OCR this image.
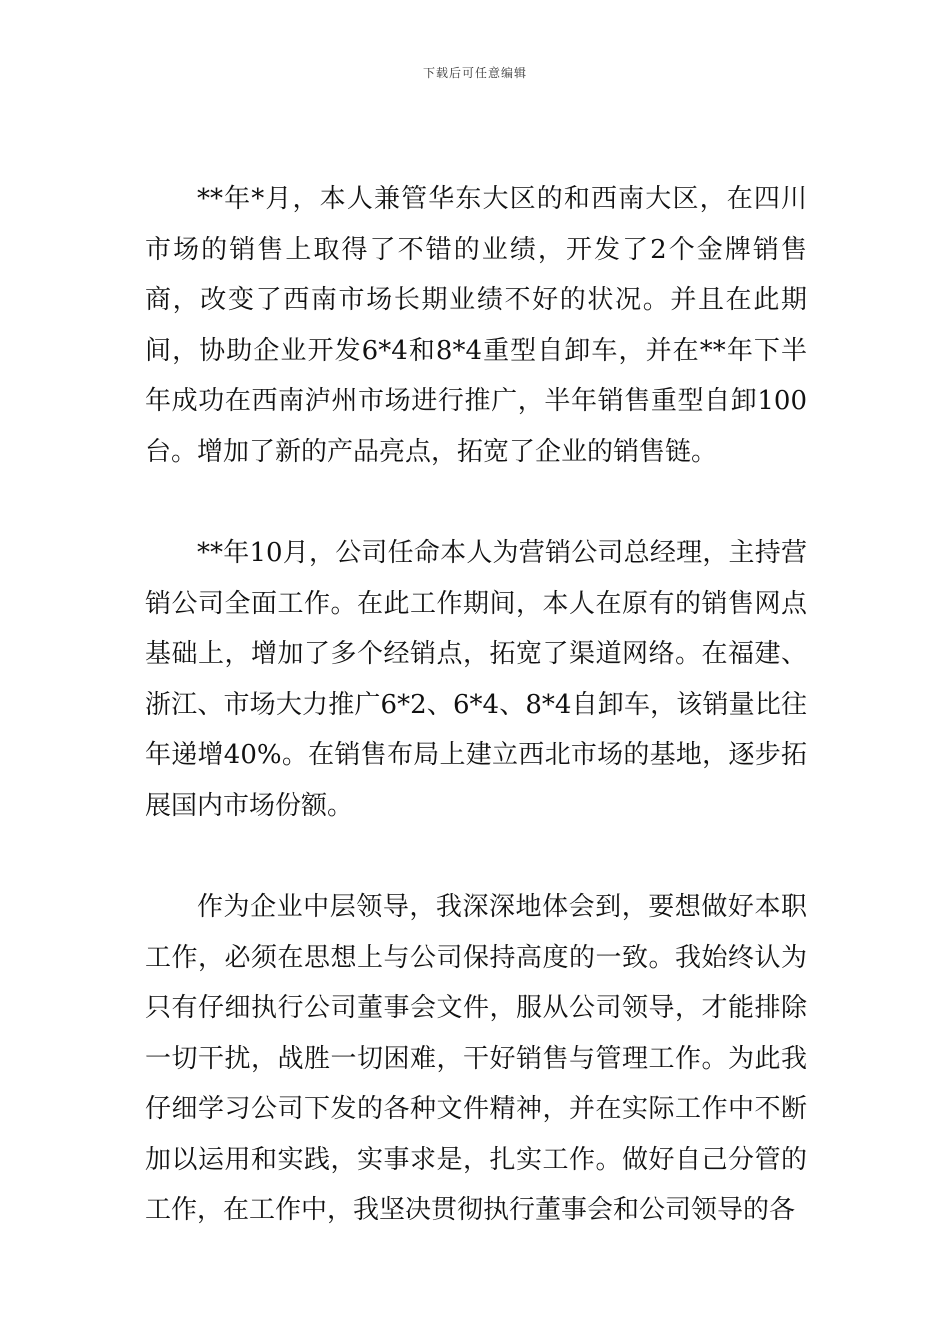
下载后可任意编辑

**年*月，本人兼管华东大区的和西南大区，在四川市场的销售上取得了不错的业绩，开发了2个金牌销售商，改变了西南市场长期业绩不好的状况。并且在此期间，协助企业开发6*4和8*4重型自卸车，并在**年下半年成功在西南泸州市场进行推广，半年销售重型自卸100台。增加了新的产品亮点，拓宽了企业的销售链。

**年10月，公司任命本人为营销公司总经理，主持营销公司全面工作。在此工作期间，本人在原有的销售网点基础上，增加了多个经销点，拓宽了渠道网络。在福建、浙江、市场大力推广6*2、6*4、8*4自卸车，该销量比往年递增40%。在销售布局上建立西北市场的基地，逐步拓展国内市场份额。

作为企业中层领导，我深深地体会到，要想做好本职工作，必须在思想上与公司保持高度的一致。我始终认为只有仔细执行公司董事会文件，服从公司领导，才能排除一切干扰，战胜一切困难，干好销售与管理工作。为此我仔细学习公司下发的各种文件精神，并在实际工作中不断加以运用和实践，实事求是，扎实工作。做好自己分管的工作，在工作中，我坚决贯彻执行董事会和公司领导的各
